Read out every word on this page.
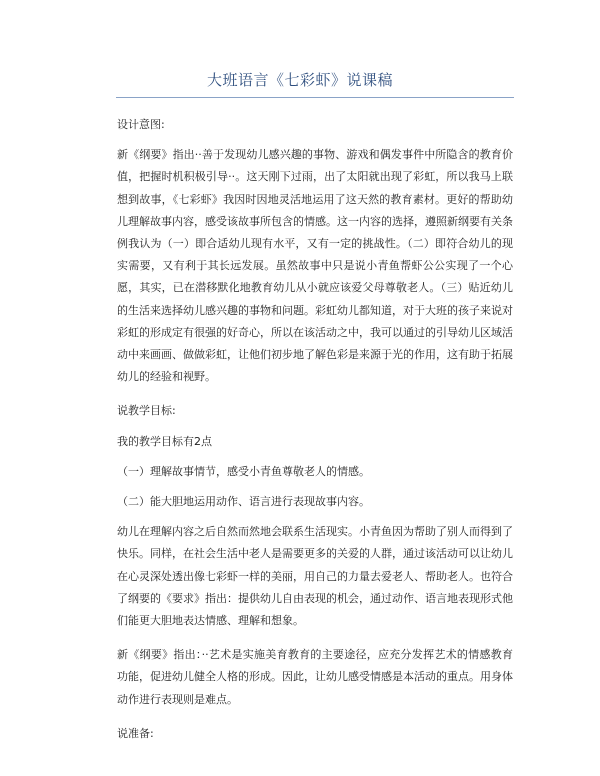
大班语言《七彩虾》说课稿

设计意图:

新《纲要》指出··善于发现幼儿感兴趣的事物、游戏和偶发事件中所隐含的教育价值，把握时机积极引导··。这天刚下过雨，出了太阳就出现了彩虹，所以我马上联想到故事，《七彩虾》我因时因地灵活地运用了这天然的教育素材。更好的帮助幼儿理解故事内容，感受该故事所包含的情感。这一内容的选择，遵照新纲要有关条例我认为（一）即合适幼儿现有水平，又有一定的挑战性。（二）即符合幼儿的现实需要，又有利于其长远发展。虽然故事中只是说小青鱼帮虾公公实现了一个心愿，其实，已在潜移默化地教育幼儿从小就应该爱父母尊敬老人。（三）贴近幼儿的生活来选择幼儿感兴趣的事物和问题。彩虹幼儿都知道，对于大班的孩子来说对彩虹的形成定有很强的好奇心，所以在该活动之中，我可以通过的引导幼儿区域活动中来画画、做做彩虹，让他们初步地了解色彩是来源于光的作用，这有助于拓展幼儿的经验和视野。

说教学目标:

我的教学目标有2点

（一）理解故事情节，感受小青鱼尊敬老人的情感。

（二）能大胆地运用动作、语言进行表现故事内容。

幼儿在理解内容之后自然而然地会联系生活现实。小青鱼因为帮助了别人而得到了快乐。同样，在社会生活中老人是需要更多的关爱的人群，通过该活动可以让幼儿在心灵深处透出像七彩虾一样的美丽，用自己的力量去爱老人、帮助老人。也符合了纲要的《要求》指出：提供幼儿自由表现的机会，通过动作、语言地表现形式他们能更大胆地表达情感、理解和想象。

新《纲要》指出：··艺术是实施美育教育的主要途径，应充分发挥艺术的情感教育功能，促进幼儿健全人格的形成。因此，让幼儿感受情感是本活动的重点。用身体动作进行表现则是难点。

说准备:
